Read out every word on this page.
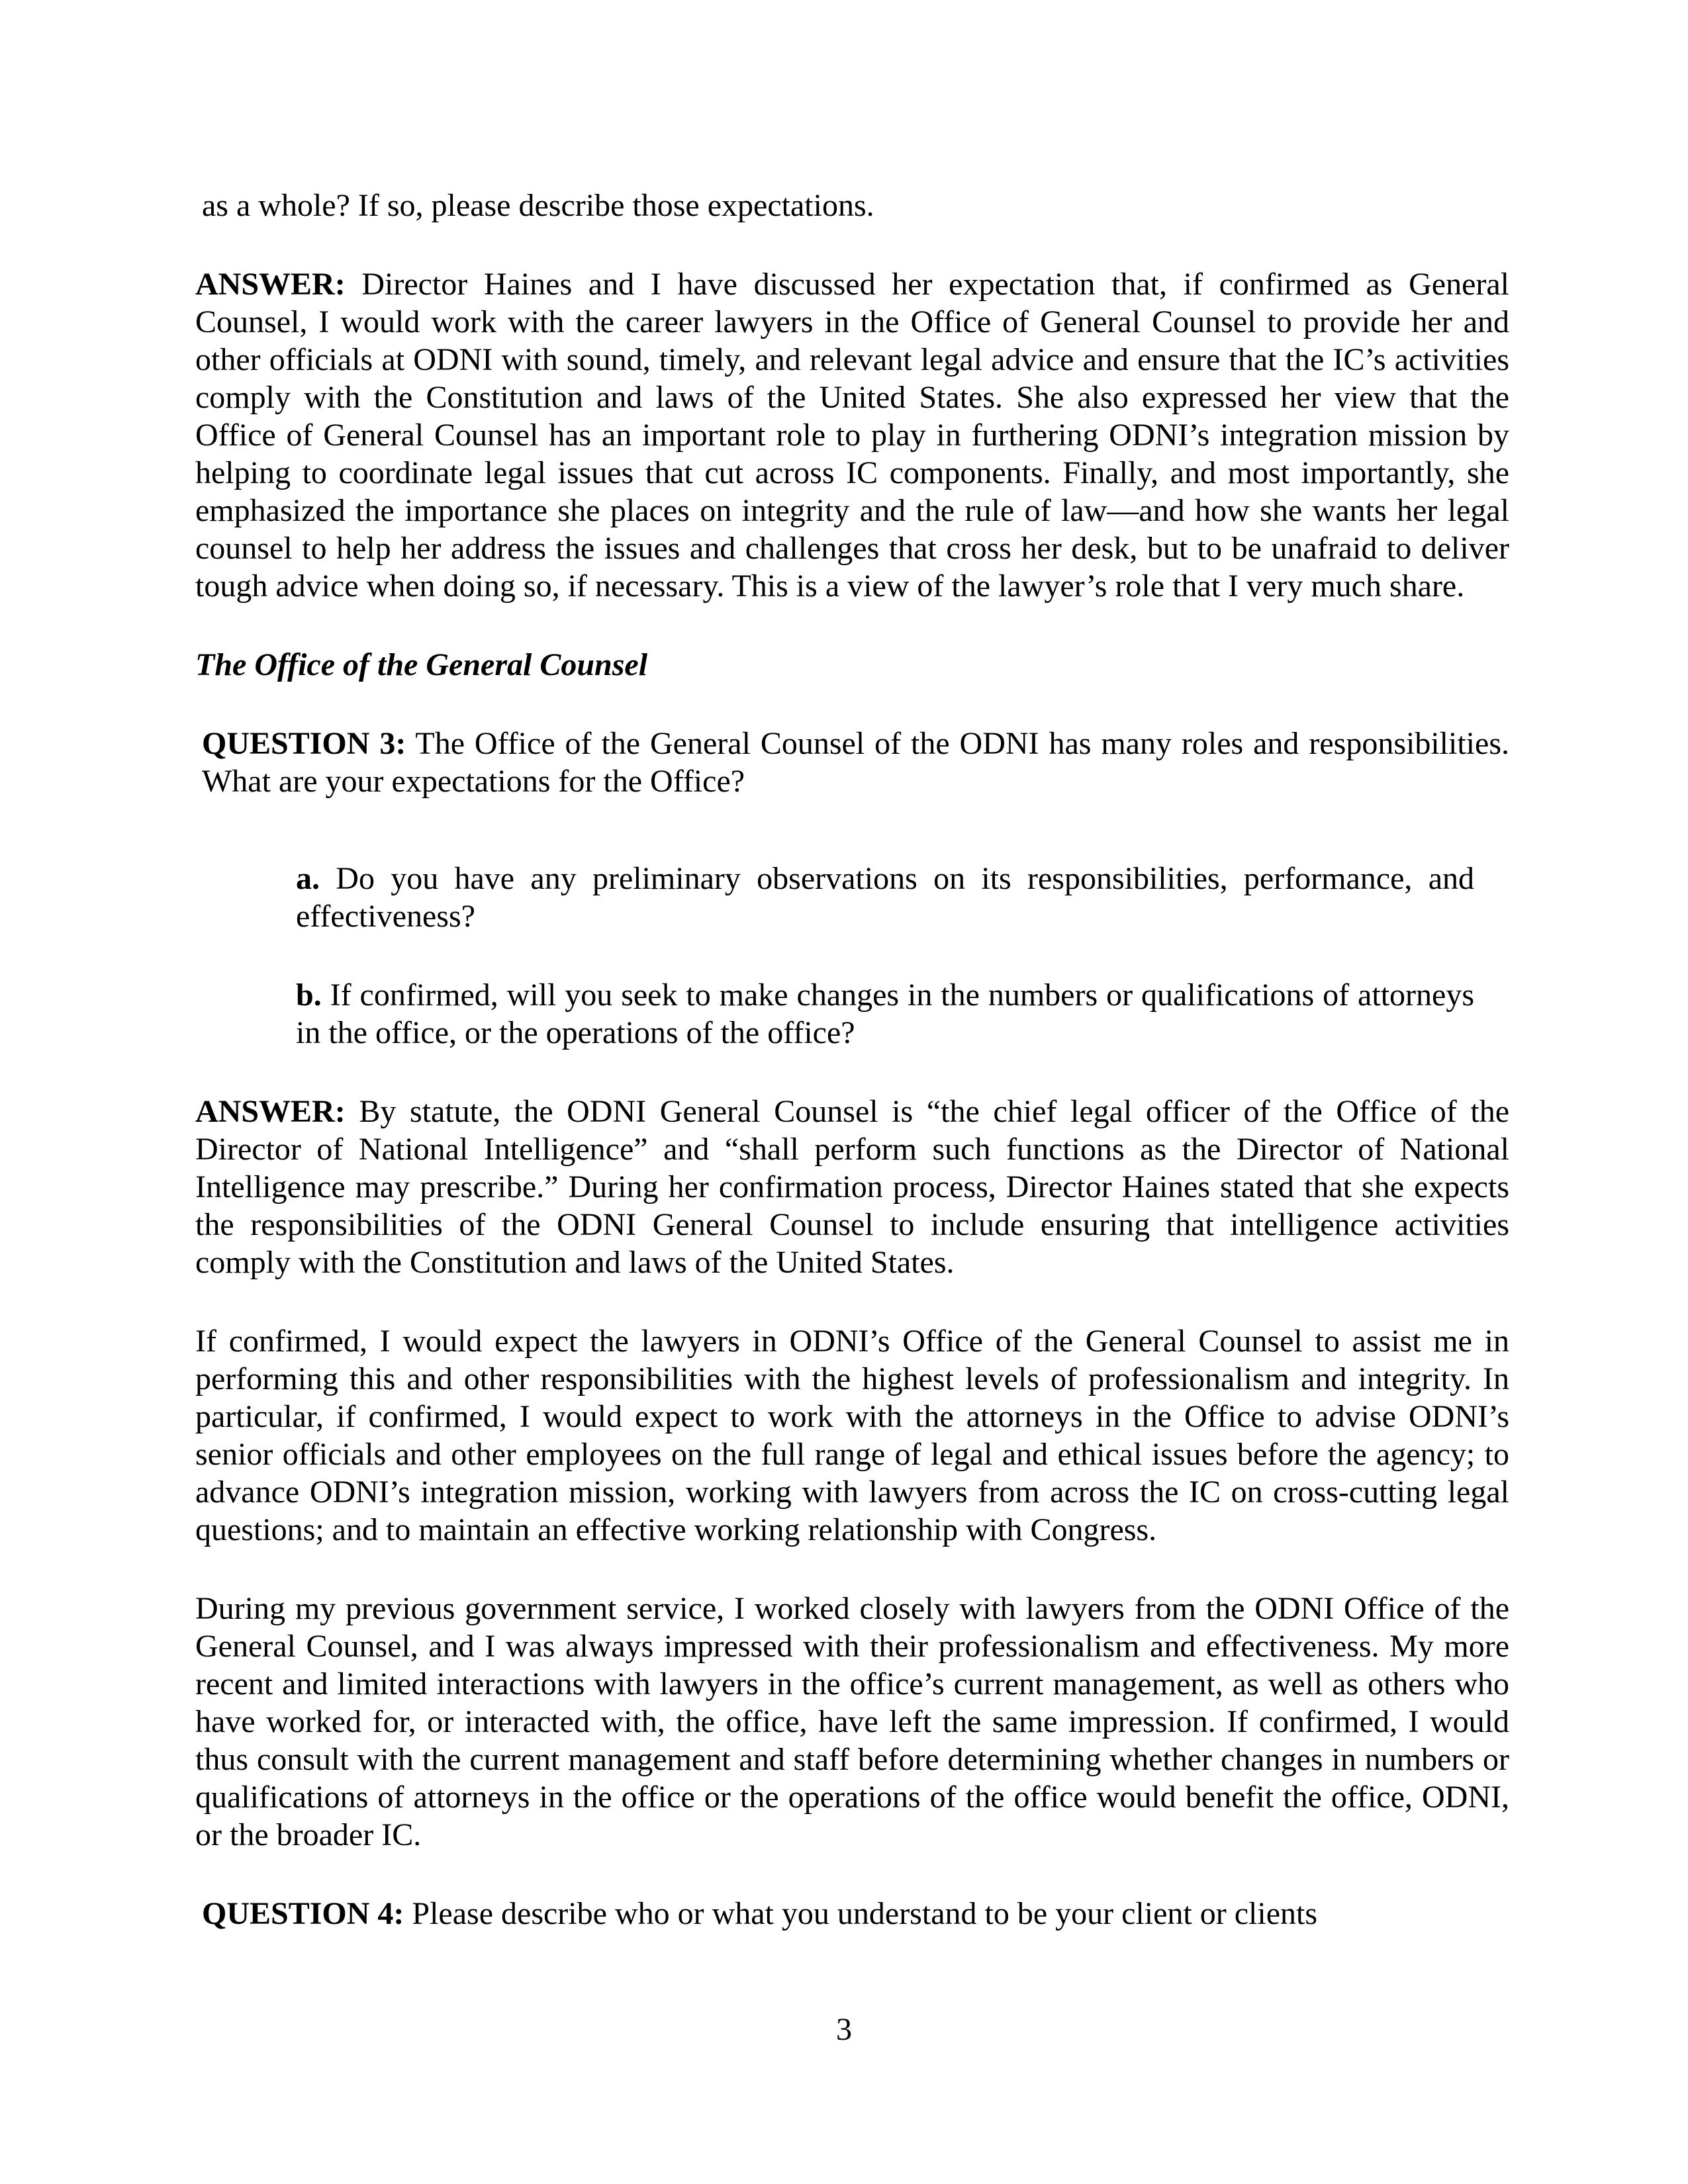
as a whole? If so, please describe those expectations.
ANSWER: Director Haines and I have discussed her expectation that, if confirmed as General Counsel, I would work with the career lawyers in the Office of General Counsel to provide her and other officials at ODNI with sound, timely, and relevant legal advice and ensure that the IC’s activities comply with the Constitution and laws of the United States. She also expressed her view that the Office of General Counsel has an important role to play in furthering ODNI’s integration mission by helping to coordinate legal issues that cut across IC components. Finally, and most importantly, she emphasized the importance she places on integrity and the rule of law—and how she wants her legal counsel to help her address the issues and challenges that cross her desk, but to be unafraid to deliver tough advice when doing so, if necessary. This is a view of the lawyer’s role that I very much share.
The Office of the General Counsel
QUESTION 3: The Office of the General Counsel of the ODNI has many roles and responsibilities. What are your expectations for the Office?
a. Do you have any preliminary observations on its responsibilities, performance, and effectiveness?
b. If confirmed, will you seek to make changes in the numbers or qualifications of attorneys in the office, or the operations of the office?
ANSWER: By statute, the ODNI General Counsel is “the chief legal officer of the Office of the Director of National Intelligence” and “shall perform such functions as the Director of National Intelligence may prescribe.” During her confirmation process, Director Haines stated that she expects the responsibilities of the ODNI General Counsel to include ensuring that intelligence activities comply with the Constitution and laws of the United States.
If confirmed, I would expect the lawyers in ODNI’s Office of the General Counsel to assist me in performing this and other responsibilities with the highest levels of professionalism and integrity. In particular, if confirmed, I would expect to work with the attorneys in the Office to advise ODNI’s senior officials and other employees on the full range of legal and ethical issues before the agency; to advance ODNI’s integration mission, working with lawyers from across the IC on cross-cutting legal questions; and to maintain an effective working relationship with Congress.
During my previous government service, I worked closely with lawyers from the ODNI Office of the General Counsel, and I was always impressed with their professionalism and effectiveness. My more recent and limited interactions with lawyers in the office’s current management, as well as others who have worked for, or interacted with, the office, have left the same impression. If confirmed, I would thus consult with the current management and staff before determining whether changes in numbers or qualifications of attorneys in the office or the operations of the office would benefit the office, ODNI, or the broader IC.
QUESTION 4: Please describe who or what you understand to be your client or clients
3
